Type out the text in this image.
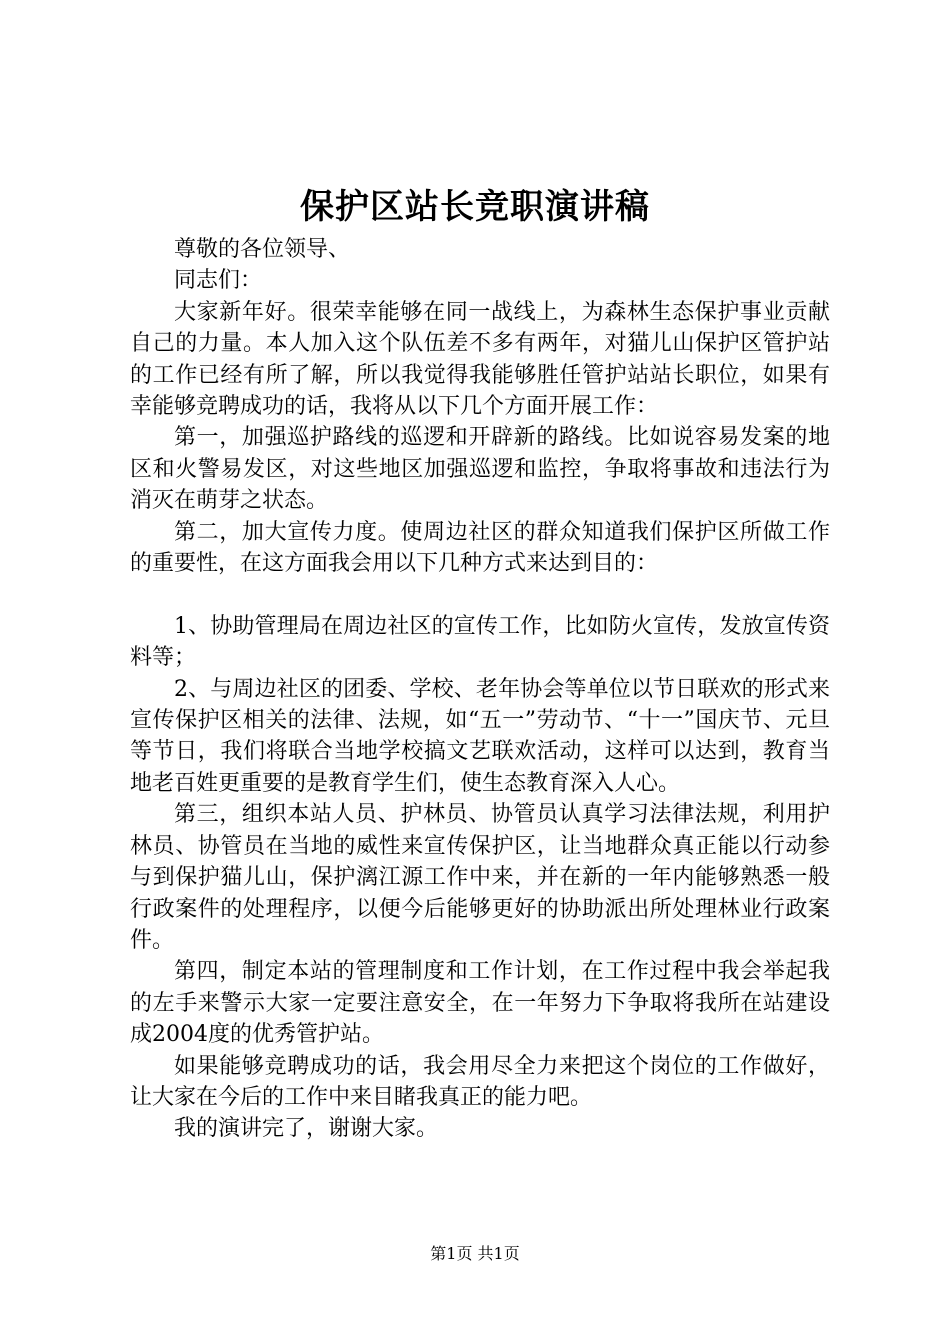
保护区站长竞职演讲稿

尊敬的各位领导、

同志们：

大家新年好。很荣幸能够在同一战线上，为森林生态保护事业贡献自己的力量。本人加入这个队伍差不多有两年，对猫儿山保护区管护站的工作已经有所了解，所以我觉得我能够胜任管护站站长职位，如果有幸能够竞聘成功的话，我将从以下几个方面开展工作：

第一，加强巡护路线的巡逻和开辟新的路线。比如说容易发案的地区和火警易发区，对这些地区加强巡逻和监控，争取将事故和违法行为消灭在萌芽之状态。

第二，加大宣传力度。使周边社区的群众知道我们保护区所做工作的重要性，在这方面我会用以下几种方式来达到目的：

1、协助管理局在周边社区的宣传工作，比如防火宣传，发放宣传资料等；

2、与周边社区的团委、学校、老年协会等单位以节日联欢的形式来宣传保护区相关的法律、法规，如“五一”劳动节、“十一”国庆节、元旦等节日，我们将联合当地学校搞文艺联欢活动，这样可以达到，教育当地老百姓更重要的是教育学生们，使生态教育深入人心。

第三，组织本站人员、护林员、协管员认真学习法律法规，利用护林员、协管员在当地的威性来宣传保护区，让当地群众真正能以行动参与到保护猫儿山，保护漓江源工作中来，并在新的一年内能够熟悉一般行政案件的处理程序，以便今后能够更好的协助派出所处理林业行政案件。

第四，制定本站的管理制度和工作计划，在工作过程中我会举起我的左手来警示大家一定要注意安全，在一年努力下争取将我所在站建设成2004度的优秀管护站。

如果能够竞聘成功的话，我会用尽全力来把这个岗位的工作做好，让大家在今后的工作中来目睹我真正的能力吧。

我的演讲完了，谢谢大家。

第1页 共1页
